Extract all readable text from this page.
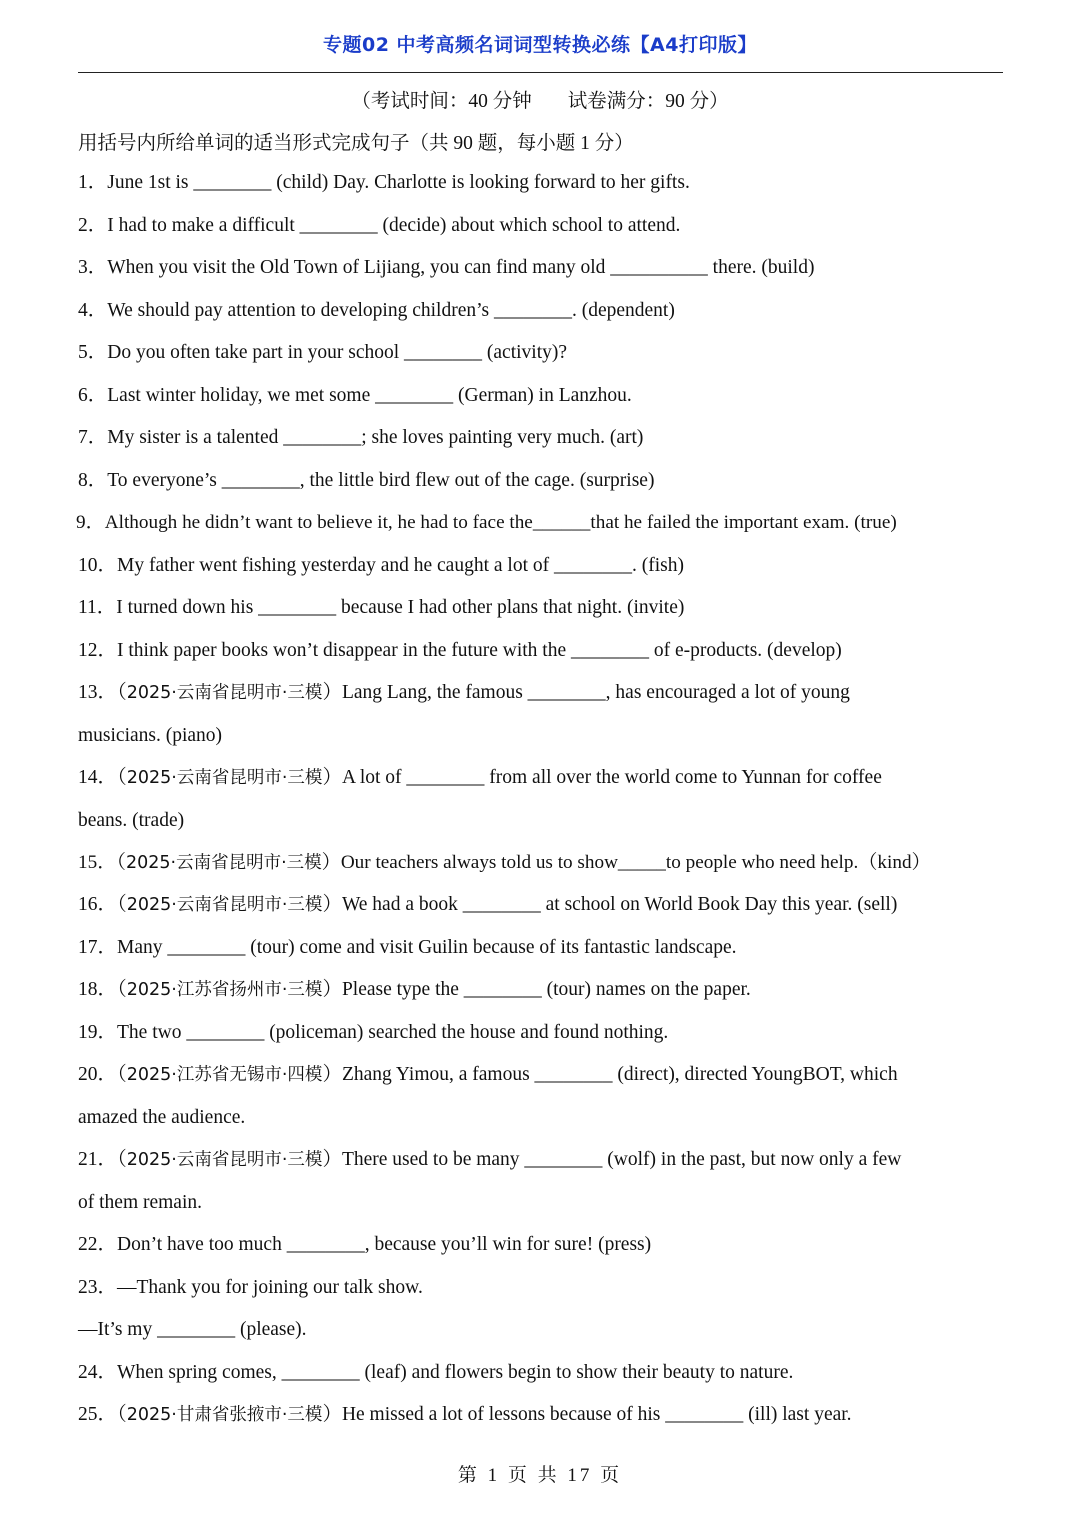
专题02 中考高频名词词型转换必练【A4打印版】
（考试时间：40 分钟 试卷满分：90 分）
用括号内所给单词的适当形式完成句子（共 90 题，每小题 1 分）
1．June 1st is ________ (child) Day. Charlotte is looking forward to her gifts.
2．I had to make a difficult ________ (decide) about which school to attend.
3．When you visit the Old Town of Lijiang, you can find many old __________ there. (build)
4．We should pay attention to developing children’s ________. (dependent)
5．Do you often take part in your school ________ (activity)?
6．Last winter holiday, we met some ________ (German) in Lanzhou.
7．My sister is a talented ________; she loves painting very much. (art)
8．To everyone’s ________, the little bird flew out of the cage. (surprise)
9．Although he didn’t want to believe it, he had to face the______that he failed the important exam. (true)
10．My father went fishing yesterday and he caught a lot of ________. (fish)
11．I turned down his ________ because I had other plans that night. (invite)
12．I think paper books won’t disappear in the future with the ________ of e-products. (develop)
13．（2025·云南省昆明市·三模）Lang Lang, the famous ________, has encouraged a lot of young
musicians. (piano)
14．（2025·云南省昆明市·三模）A lot of ________ from all over the world come to Yunnan for coffee
beans. (trade)
15．（2025·云南省昆明市·三模）Our teachers always told us to show_____to people who need help.（kind）
16．（2025·云南省昆明市·三模）We had a book ________ at school on World Book Day this year. (sell)
17．Many ________ (tour) come and visit Guilin because of its fantastic landscape.
18．（2025·江苏省扬州市·三模）Please type the ________ (tour) names on the paper.
19．The two ________ (policeman) searched the house and found nothing.
20．（2025·江苏省无锡市·四模）Zhang Yimou, a famous ________ (direct), directed YoungBOT, which
amazed the audience.
21．（2025·云南省昆明市·三模）There used to be many ________ (wolf) in the past, but now only a few
of them remain.
22．Don’t have too much ________, because you’ll win for sure! (press)
23．—Thank you for joining our talk show.
—It’s my ________ (please).
24．When spring comes, ________ (leaf) and flowers begin to show their beauty to nature.
25．（2025·甘肃省张掖市·三模）He missed a lot of lessons because of his ________ (ill) last year.
第 1 页 共 17 页
